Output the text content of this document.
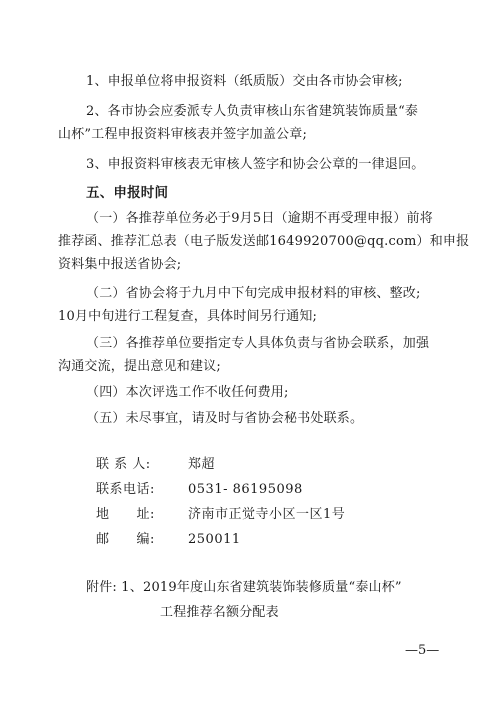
1、申报单位将申报资料（纸质版）交由各市协会审核;
2、各市协会应委派专人负责审核山东省建筑装饰质量“泰
山杯”工程申报资料审核表并签字加盖公章;
3、申报资料审核表无审核人签字和协会公章的一律退回。
五、申报时间
（一）各推荐单位务必于9月5日（逾期不再受理申报）前将
推荐函、推荐汇总表（电子版发送邮1649920700@qq.com）和申报
资料集中报送省协会;
（二）省协会将于九月中下旬完成申报材料的审核、整改;
10月中旬进行工程复查，具体时间另行通知;
（三）各推荐单位要指定专人具体负责与省协会联系，加强
沟通交流，提出意见和建议;
（四）本次评选工作不收任何费用;
（五）未尽事宜，请及时与省协会秘书处联系。
联 系 人:	郑超
联系电话:	0531- 86195098
地　　址:	济南市正觉寺小区一区1号
邮　　编:	250011
附件: 1、2019年度山东省建筑装饰装修质量“泰山杯”
工程推荐名额分配表
—5—
